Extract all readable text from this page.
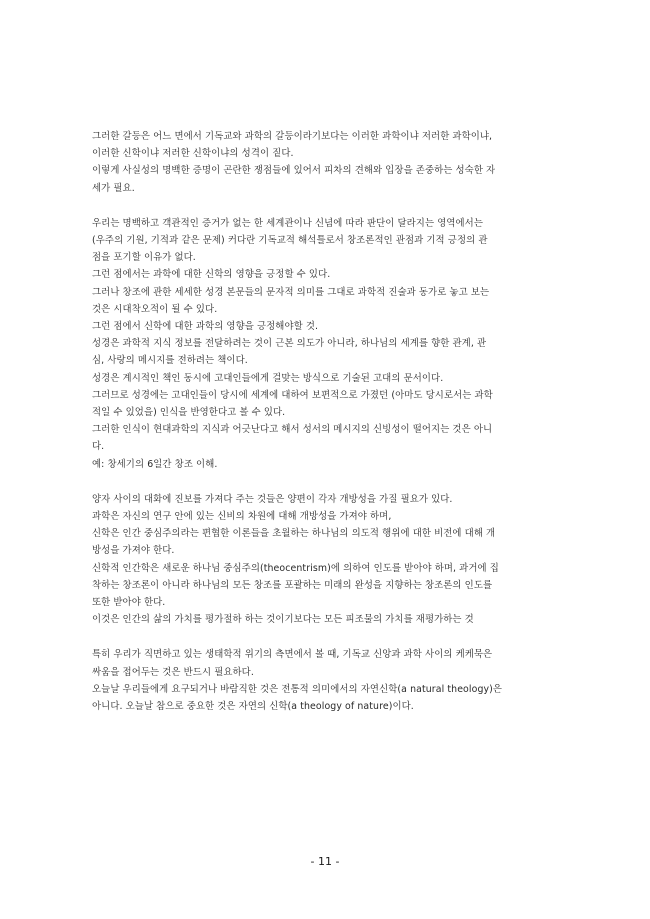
그러한 갈등은 어느 면에서 기독교와 과학의 갈등이라기보다는 이러한 과학이냐 저러한 과학이냐,
이러한 신학이냐 저러한 신학이냐의 성격이 짙다.
이렇게 사실성의 명백한 증명이 곤란한 쟁점들에 있어서 피차의 견해와 입장을 존중하는 성숙한 자
세가 필요.
우리는 명백하고 객관적인 증거가 없는 한 세계관이나 신념에 따라 판단이 달라지는 영역에서는
(우주의 기원, 기적과 같은 문제) 커다란 기독교적 해석틀로서 창조론적인 관점과 기적 긍정의 관
점을 포기할 이유가 없다.
그런 점에서는 과학에 대한 신학의 영향을 긍정할 수 있다.
그러나 창조에 관한 세세한 성경 본문들의 문자적 의미를 그대로 과학적 진술과 동가로 놓고 보는
것은 시대착오적이 될 수 있다.
그런 점에서 신학에 대한 과학의 영향을 긍정해야할 것.
성경은 과학적 지식 정보를 전달하려는 것이 근본 의도가 아니라, 하나님의 세계를 향한 관계, 관
심, 사랑의 메시지를 전하려는 책이다.
성경은 계시적인 책인 동시에 고대인들에게 걸맞는 방식으로 기술된 고대의 문서이다.
그러므로 성경에는 고대인들이 당시에 세계에 대하여 보편적으로 가졌던 (아마도 당시로서는 과학
적일 수 있었을) 인식을 반영한다고 볼 수 있다.
그러한 인식이 현대과학의 지식과 어긋난다고 해서 성서의 메시지의 신빙성이 떨어지는 것은 아니
다.
예: 창세기의 6일간 창조 이해.
양자 사이의 대화에 진보를 가져다 주는 것들은 양편이 각자 개방성을 가질 필요가 있다.
과학은 자신의 연구 안에 있는 신비의 차원에 대해 개방성을 가져야 하며,
신학은 인간 중심주의라는 편협한 이론들을 초월하는 하나님의 의도적 행위에 대한 비전에 대해 개
방성을 가져야 한다.
신학적 인간학은 새로운 하나님 중심주의(theocentrism)에 의하여 인도를 받아야 하며, 과거에 집
착하는 창조론이 아니라 하나님의 모든 창조를 포괄하는 미래의 완성을 지향하는 창조론의 인도를
또한 받아야 한다.
이것은 인간의 삶의 가치를 평가절하 하는 것이기보다는 모든 피조물의 가치를 재평가하는 것
특히 우리가 직면하고 있는 생태학적 위기의 측면에서 볼 때, 기독교 신앙과 과학 사이의 케케묵은
싸움을 접어두는 것은 반드시 필요하다.
오늘날 우리들에게 요구되거나 바람직한 것은 전통적 의미에서의 자연신학(a natural theology)은
아니다. 오늘날 참으로 중요한 것은 자연의 신학(a theology of nature)이다.
- 11 -
